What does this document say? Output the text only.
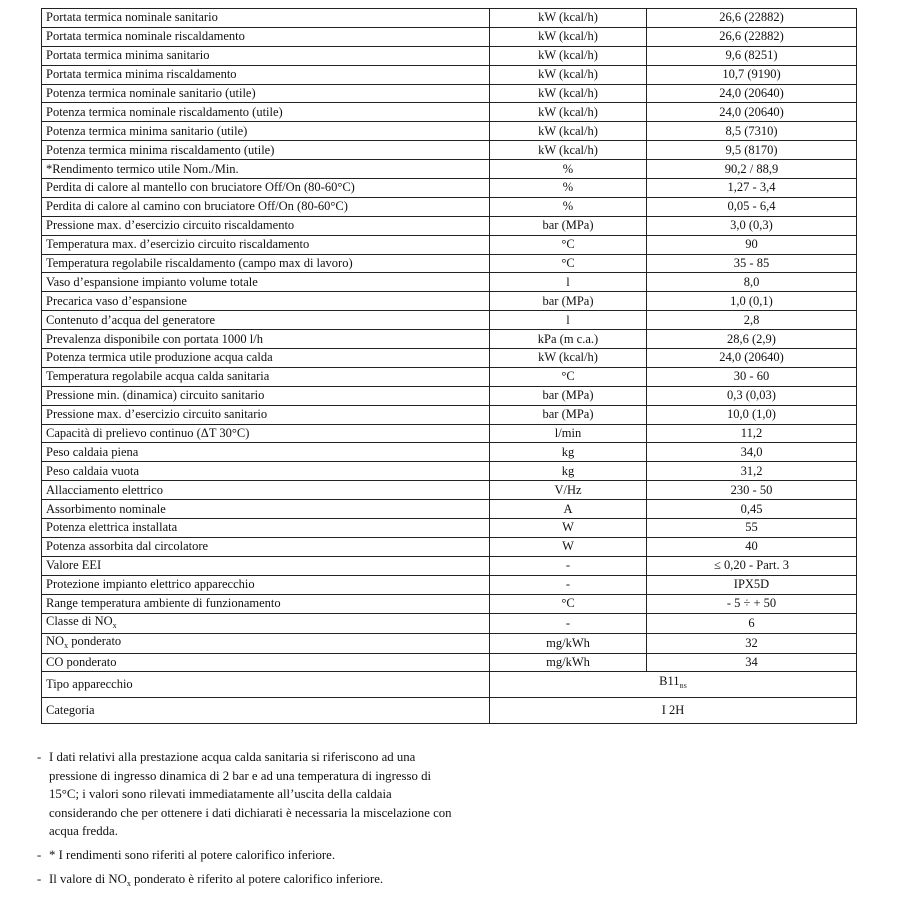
Portata termica nominale sanitario	kW (kcal/h)	26,6 (22882)
Portata termica nominale riscaldamento	kW (kcal/h)	26,6 (22882)
Portata termica minima sanitario	kW (kcal/h)	9,6 (8251)
Portata termica minima riscaldamento	kW (kcal/h)	10,7 (9190)
Potenza termica nominale sanitario (utile)	kW (kcal/h)	24,0 (20640)
Potenza termica nominale riscaldamento (utile)	kW (kcal/h)	24,0 (20640)
Potenza termica minima sanitario (utile)	kW (kcal/h)	8,5 (7310)
Potenza termica minima riscaldamento (utile)	kW (kcal/h)	9,5 (8170)
*Rendimento termico utile Nom./Min.	%	90,2 / 88,9
Perdita di calore al mantello con bruciatore Off/On (80-60°C)	%	1,27 - 3,4
Perdita di calore al camino con bruciatore Off/On (80-60°C)	%	0,05 - 6,4
Pressione max. d’esercizio circuito riscaldamento	bar (MPa)	3,0 (0,3)
Temperatura max. d’esercizio circuito riscaldamento	°C	90
Temperatura regolabile riscaldamento (campo max di lavoro)	°C	35 - 85
Vaso d’espansione impianto volume totale	l	8,0
Precarica vaso d’espansione	bar (MPa)	1,0 (0,1)
Contenuto d’acqua del generatore	l	2,8
Prevalenza disponibile con portata 1000 l/h	kPa (m c.a.)	28,6 (2,9)
Potenza termica utile produzione acqua calda	kW (kcal/h)	24,0 (20640)
Temperatura regolabile acqua calda sanitaria	°C	30 - 60
Pressione min. (dinamica) circuito sanitario	bar (MPa)	0,3 (0,03)
Pressione max. d’esercizio circuito sanitario	bar (MPa)	10,0 (1,0)
Capacità di prelievo continuo (ΔT 30°C)	l/min	11,2
Peso caldaia piena	kg	34,0
Peso caldaia vuota	kg	31,2
Allacciamento elettrico	V/Hz	230 - 50
Assorbimento nominale	A	0,45
Potenza elettrica installata	W	55
Potenza assorbita dal circolatore	W	40
Valore EEI	-	≤ 0,20 - Part. 3
Protezione impianto elettrico apparecchio	-	IPX5D
Range temperatura ambiente di funzionamento	°C	- 5 ÷ + 50
Classe di $NO_x$	-	6
$NO_x$ ponderato	mg/kWh	32
CO ponderato	mg/kWh	34
Tipo apparecchio	$B11_{BS}$
Categoria	I 2H	
- I dati relativi alla prestazione acqua calda sanitaria si riferiscono ad una pressione di ingresso dinamica di 2 bar e ad una temperatura di ingresso di 15°C; i valori sono rilevati immediatamente all’uscita della caldaia considerando che per ottenere i dati dichiarati è necessaria la miscelazione con acqua fredda.
- * I rendimenti sono riferiti al potere calorifico inferiore.
- Il valore di $NO_x$ ponderato è riferito al potere calorifico inferiore.
